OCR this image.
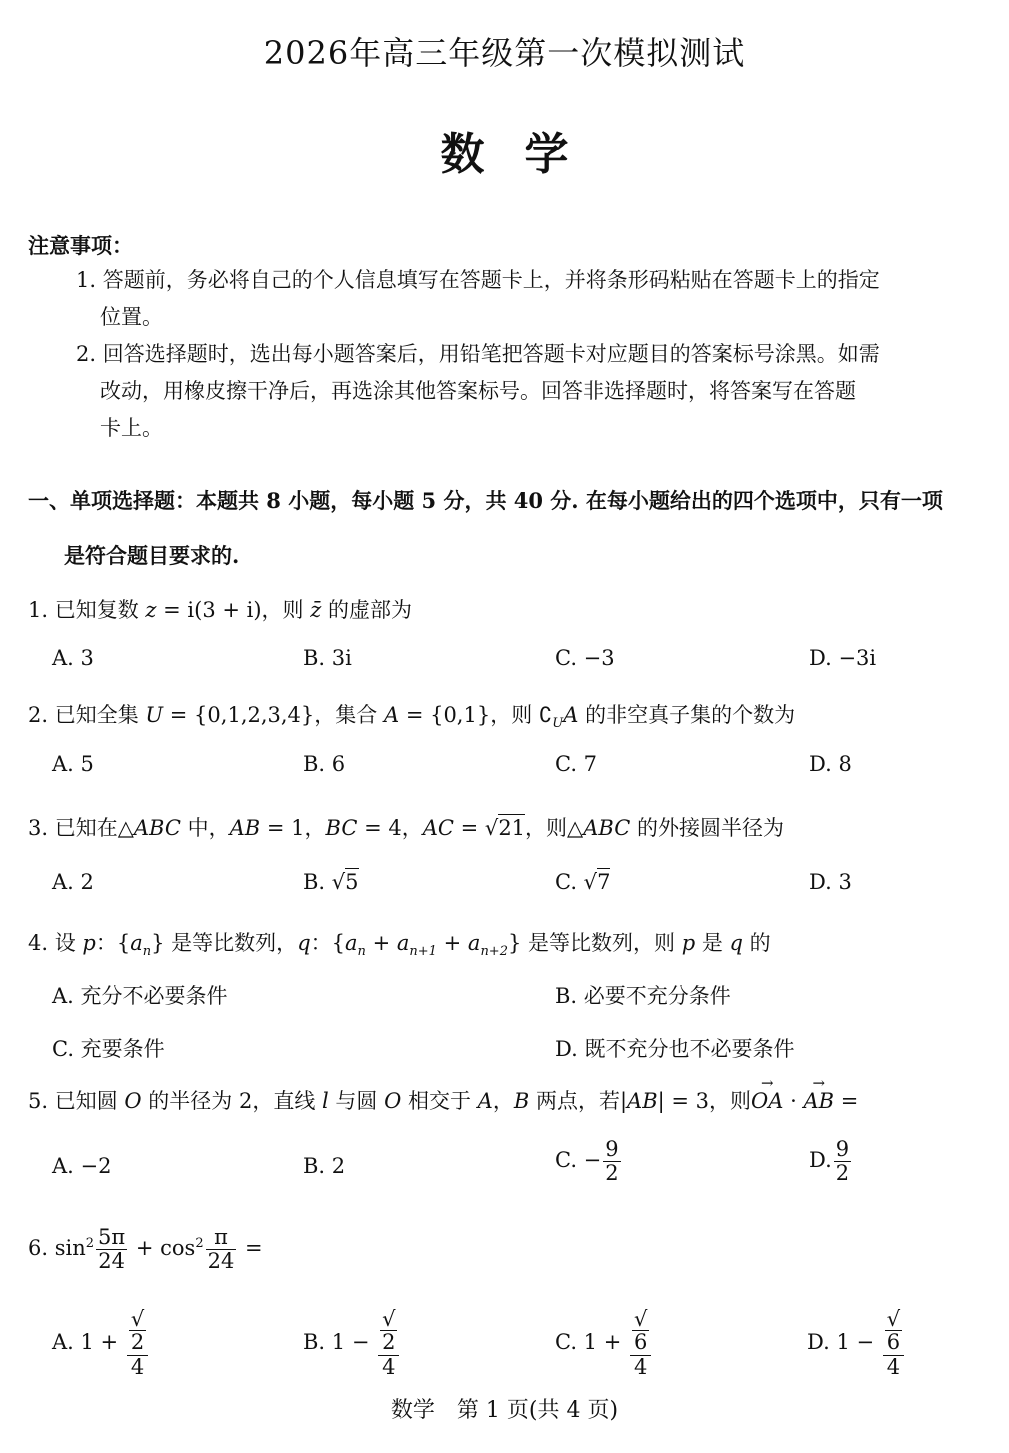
2026年高三年级第一次模拟测试
数学
注意事项：
1. 答题前，务必将自己的个人信息填写在答题卡上，并将条形码粘贴在答题卡上的指定
位置。
2. 回答选择题时，选出每小题答案后，用铅笔把答题卡对应题目的答案标号涂黑。如需
改动，用橡皮擦干净后，再选涂其他答案标号。回答非选择题时，将答案写在答题
卡上。
一、单项选择题：本题共 8 小题，每小题 5 分，共 40 分. 在每小题给出的四个选项中，只有一项
是符合题目要求的.
1. 已知复数 z = i(3 + i)，则 z̄ 的虚部为
A. 3	B. 3i	C. −3	D. −3i
2. 已知全集 U = {0,1,2,3,4}，集合 A = {0,1}，则 $∁_UA$ 的非空真子集的个数为
A. 5	B. 6	C. 7	D. 8
3. 已知在△ABC 中，AB = 1，BC = 4，AC = √21，则△ABC 的外接圆半径为
A. 2	B. √5	C. √7	D. 3
4. 设 p：$\{a_n\}$ 是等比数列，q：$\{a_n + a_{n+1} + a_{n+2}\}$ 是等比数列，则 p 是 q 的
A. 充分不必要条件	B. 必要不充分条件
C. 充要条件	D. 既不充分也不必要条件
5. 已知圆 O 的半径为 2，直线 l 与圆 O 相交于 A，B 两点，若|AB| = 3，则→ OA · → AB =
A. −2	B. 2	C. − $\frac{9}{2}$	D. $\frac{9}{2}$
6. $\sin^2 \frac{5\pi}{24} + \cos^2 \frac{\pi}{24}$ =
A. 1 + √
2
4	B. 1 − √
2
4	C. 1 + √
6
4	D. 1 − √
6
4
数学　第 1 页(共 4 页)
